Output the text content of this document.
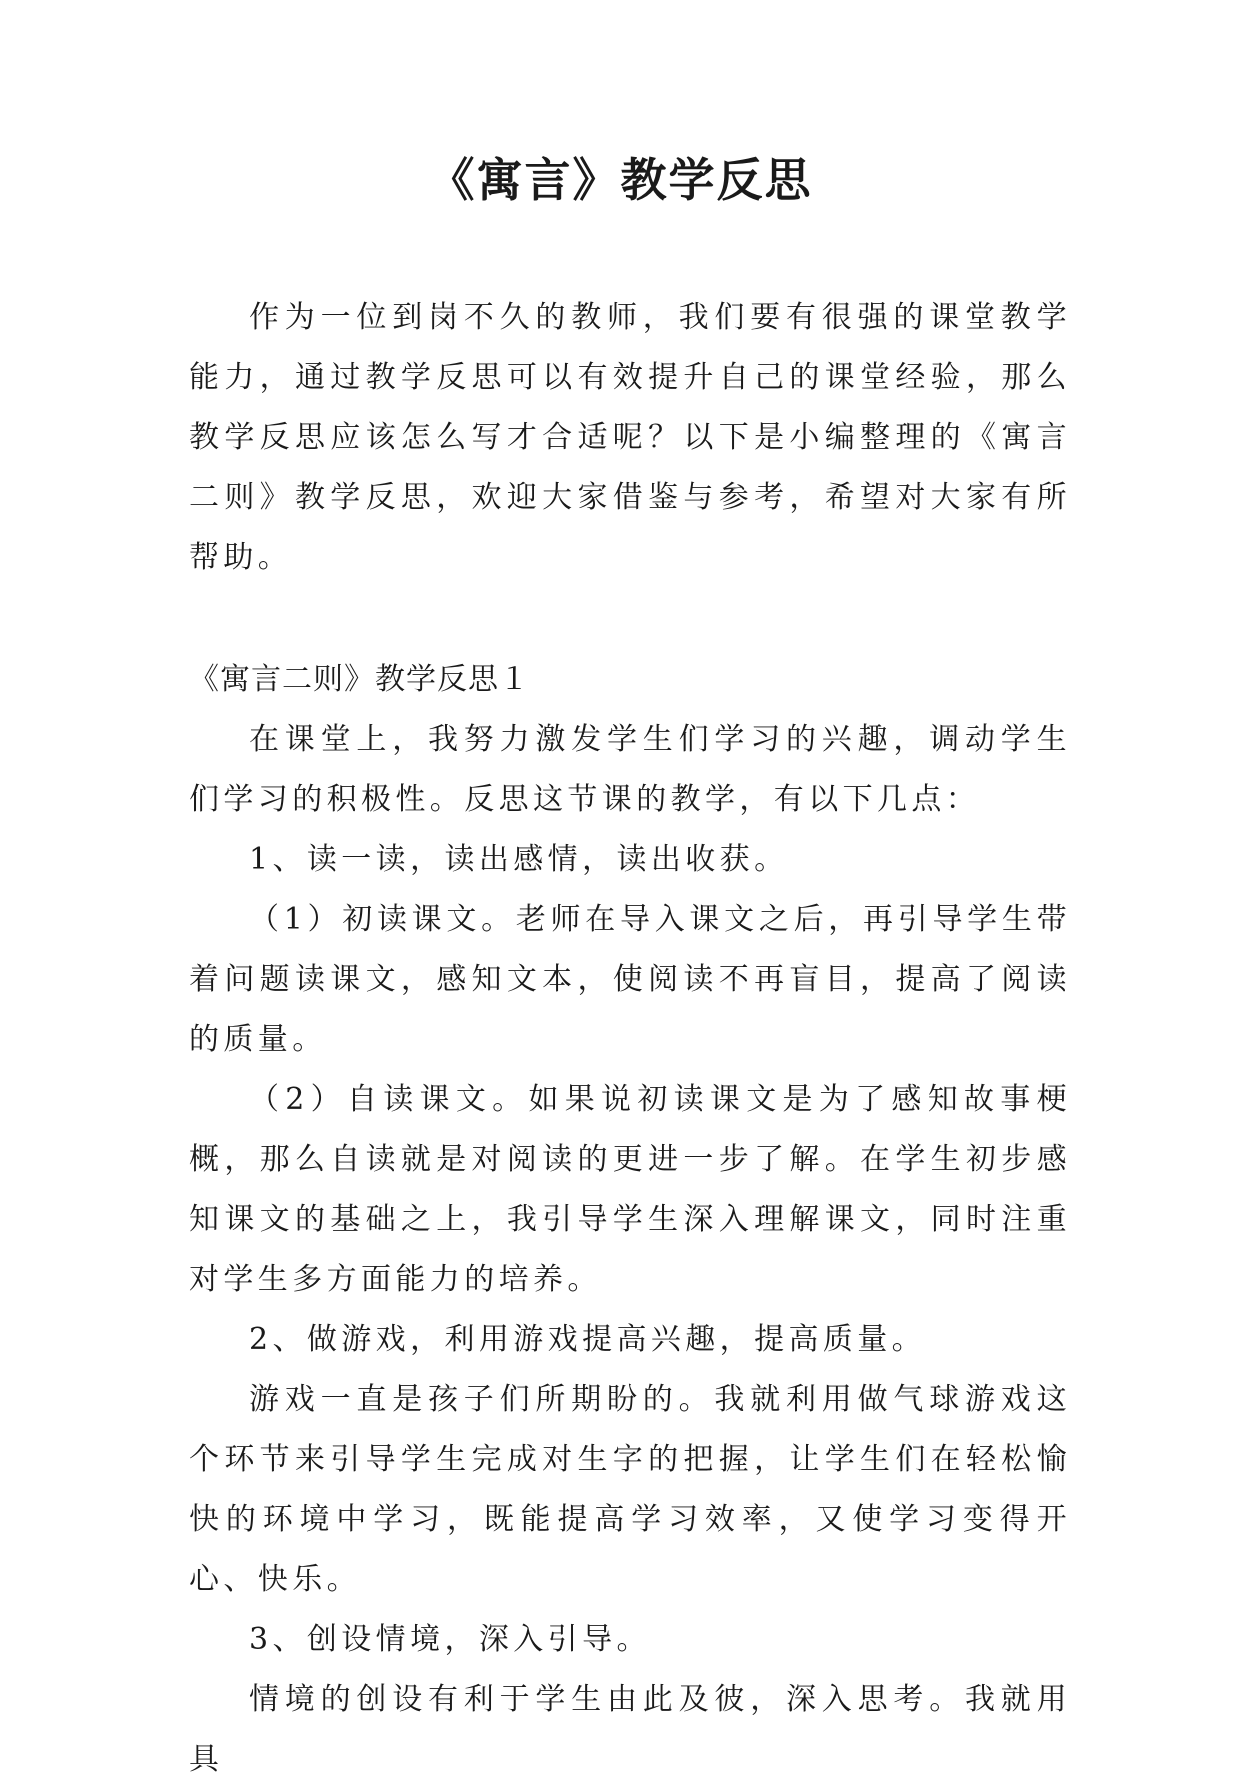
《寓言》教学反思

作为一位到岗不久的教师，我们要有很强的课堂教学能力，通过教学反思可以有效提升自己的课堂经验，那么教学反思应该怎么写才合适呢？以下是小编整理的《寓言二则》教学反思，欢迎大家借鉴与参考，希望对大家有所帮助。

《寓言二则》教学反思１

在课堂上，我努力激发学生们学习的兴趣，调动学生们学习的积极性。反思这节课的教学，有以下几点：

1、读一读，读出感情，读出收获。

（1）初读课文。老师在导入课文之后，再引导学生带着问题读课文，感知文本，使阅读不再盲目，提高了阅读的质量。

（2）自读课文。如果说初读课文是为了感知故事梗概，那么自读就是对阅读的更进一步了解。在学生初步感知课文的基础之上，我引导学生深入理解课文，同时注重对学生多方面能力的培养。

2、做游戏，利用游戏提高兴趣，提高质量。

游戏一直是孩子们所期盼的。我就利用做气球游戏这个环节来引导学生完成对生字的把握，让学生们在轻松愉快的环境中学习，既能提高学习效率，又使学习变得开心、快乐。

3、创设情境，深入引导。

情境的创设有利于学生由此及彼，深入思考。我就用具
